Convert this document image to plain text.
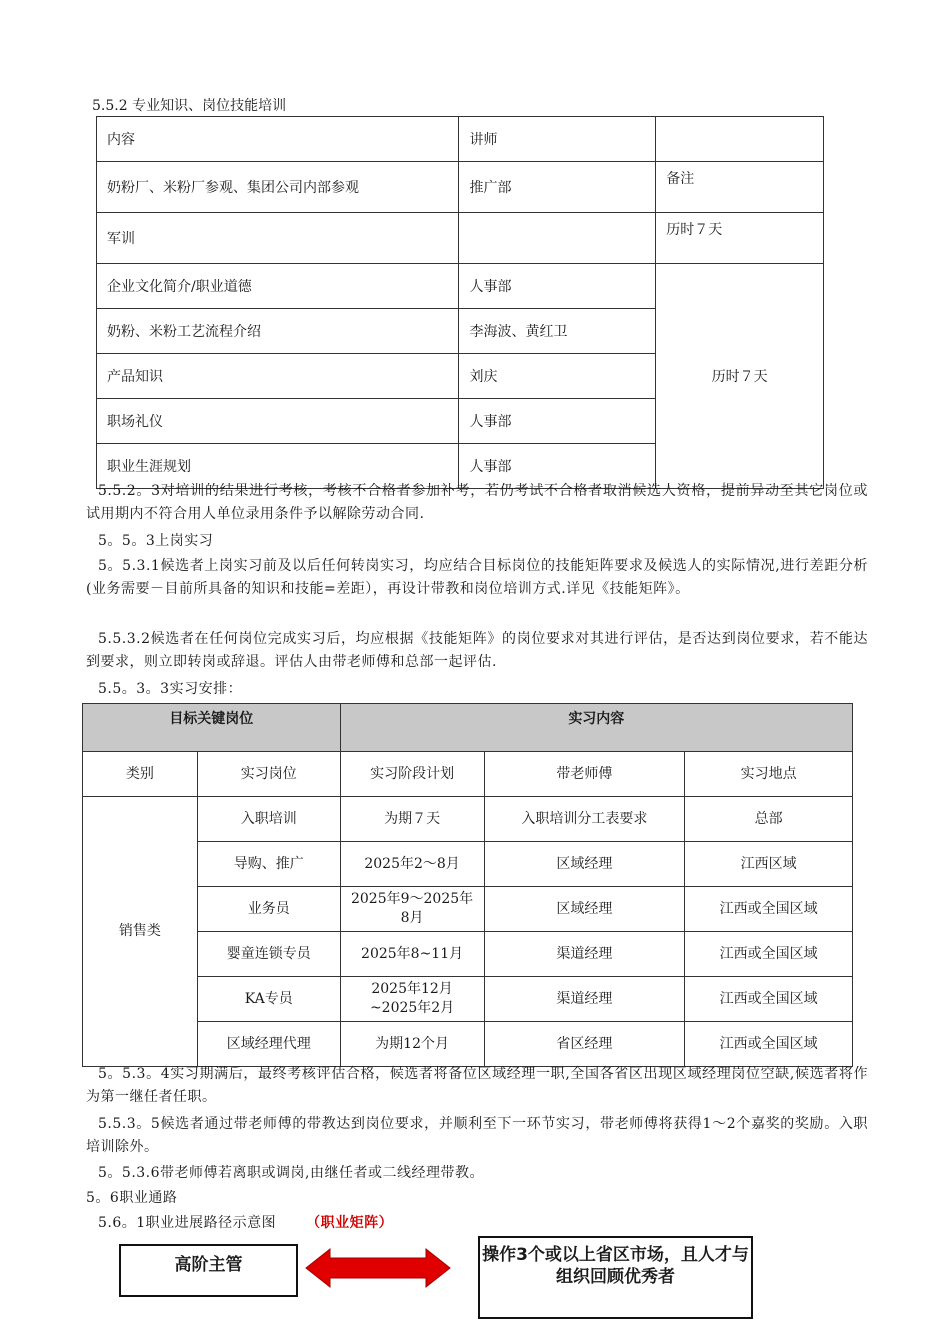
5.5.2 专业知识、岗位技能培训
内容	讲师	
奶粉厂、米粉厂参观、集团公司内部参观	推广部	备注
军训		历时７天
企业文化简介/职业道德	人事部	历时７天
奶粉、米粉工艺流程介绍	李海波、黄红卫	
产品知识	刘庆	
职场礼仪	人事部	
职业生涯规划	人事部	
5.5.2。3对培训的结果进行考核，考核不合格者参加补考，若仍考试不合格者取消候选人资格，提前异动至其它岗位或试用期内不符合用人单位录用条件予以解除劳动合同.
5。5。3上岗实习
5。5.3.1候选者上岗实习前及以后任何转岗实习，均应结合目标岗位的技能矩阵要求及候选人的实际情况,进行差距分析(业务需要－目前所具备的知识和技能=差距），再设计带教和岗位培训方式.详见《技能矩阵》。
5.5.3.2候选者在任何岗位完成实习后，均应根据《技能矩阵》的岗位要求对其进行评估，是否达到岗位要求，若不能达到要求，则立即转岗或辞退。评估人由带老师傅和总部一起评估.
5.5。3。3实习安排：
目标关键岗位		实习内容		
类别	实习岗位	实习阶段计划	带老师傅	实习地点
销售类	入职培训	为期７天	入职培训分工表要求	总部
	导购、推广	2025年2～8月	区域经理	江西区域
	业务员	2025年9～2025年8月	区域经理	江西或全国区域
	婴童连锁专员	2025年8~11月	渠道经理	江西或全国区域
	KA专员	2025年12月~2025年2月	渠道经理	江西或全国区域
	区域经理代理	为期12个月	省区经理	江西或全国区域
5。5.3。4实习期满后，最终考核评估合格，候选者将备位区域经理一职,全国各省区出现区域经理岗位空缺,候选者将作为第一继任者任职。
5.5.3。5候选者通过带老师傅的带教达到岗位要求，并顺利至下一环节实习，带老师傅将获得1～2个嘉奖的奖励。入职培训除外。
5。5.3.6带老师傅若离职或调岗,由继任者或二线经理带教。
5。6职业通路
5.6。1职业进展路径示意图 （职业矩阵）
高阶主管	操作3个或以上省区市场，且人才与组织回顾优秀者
